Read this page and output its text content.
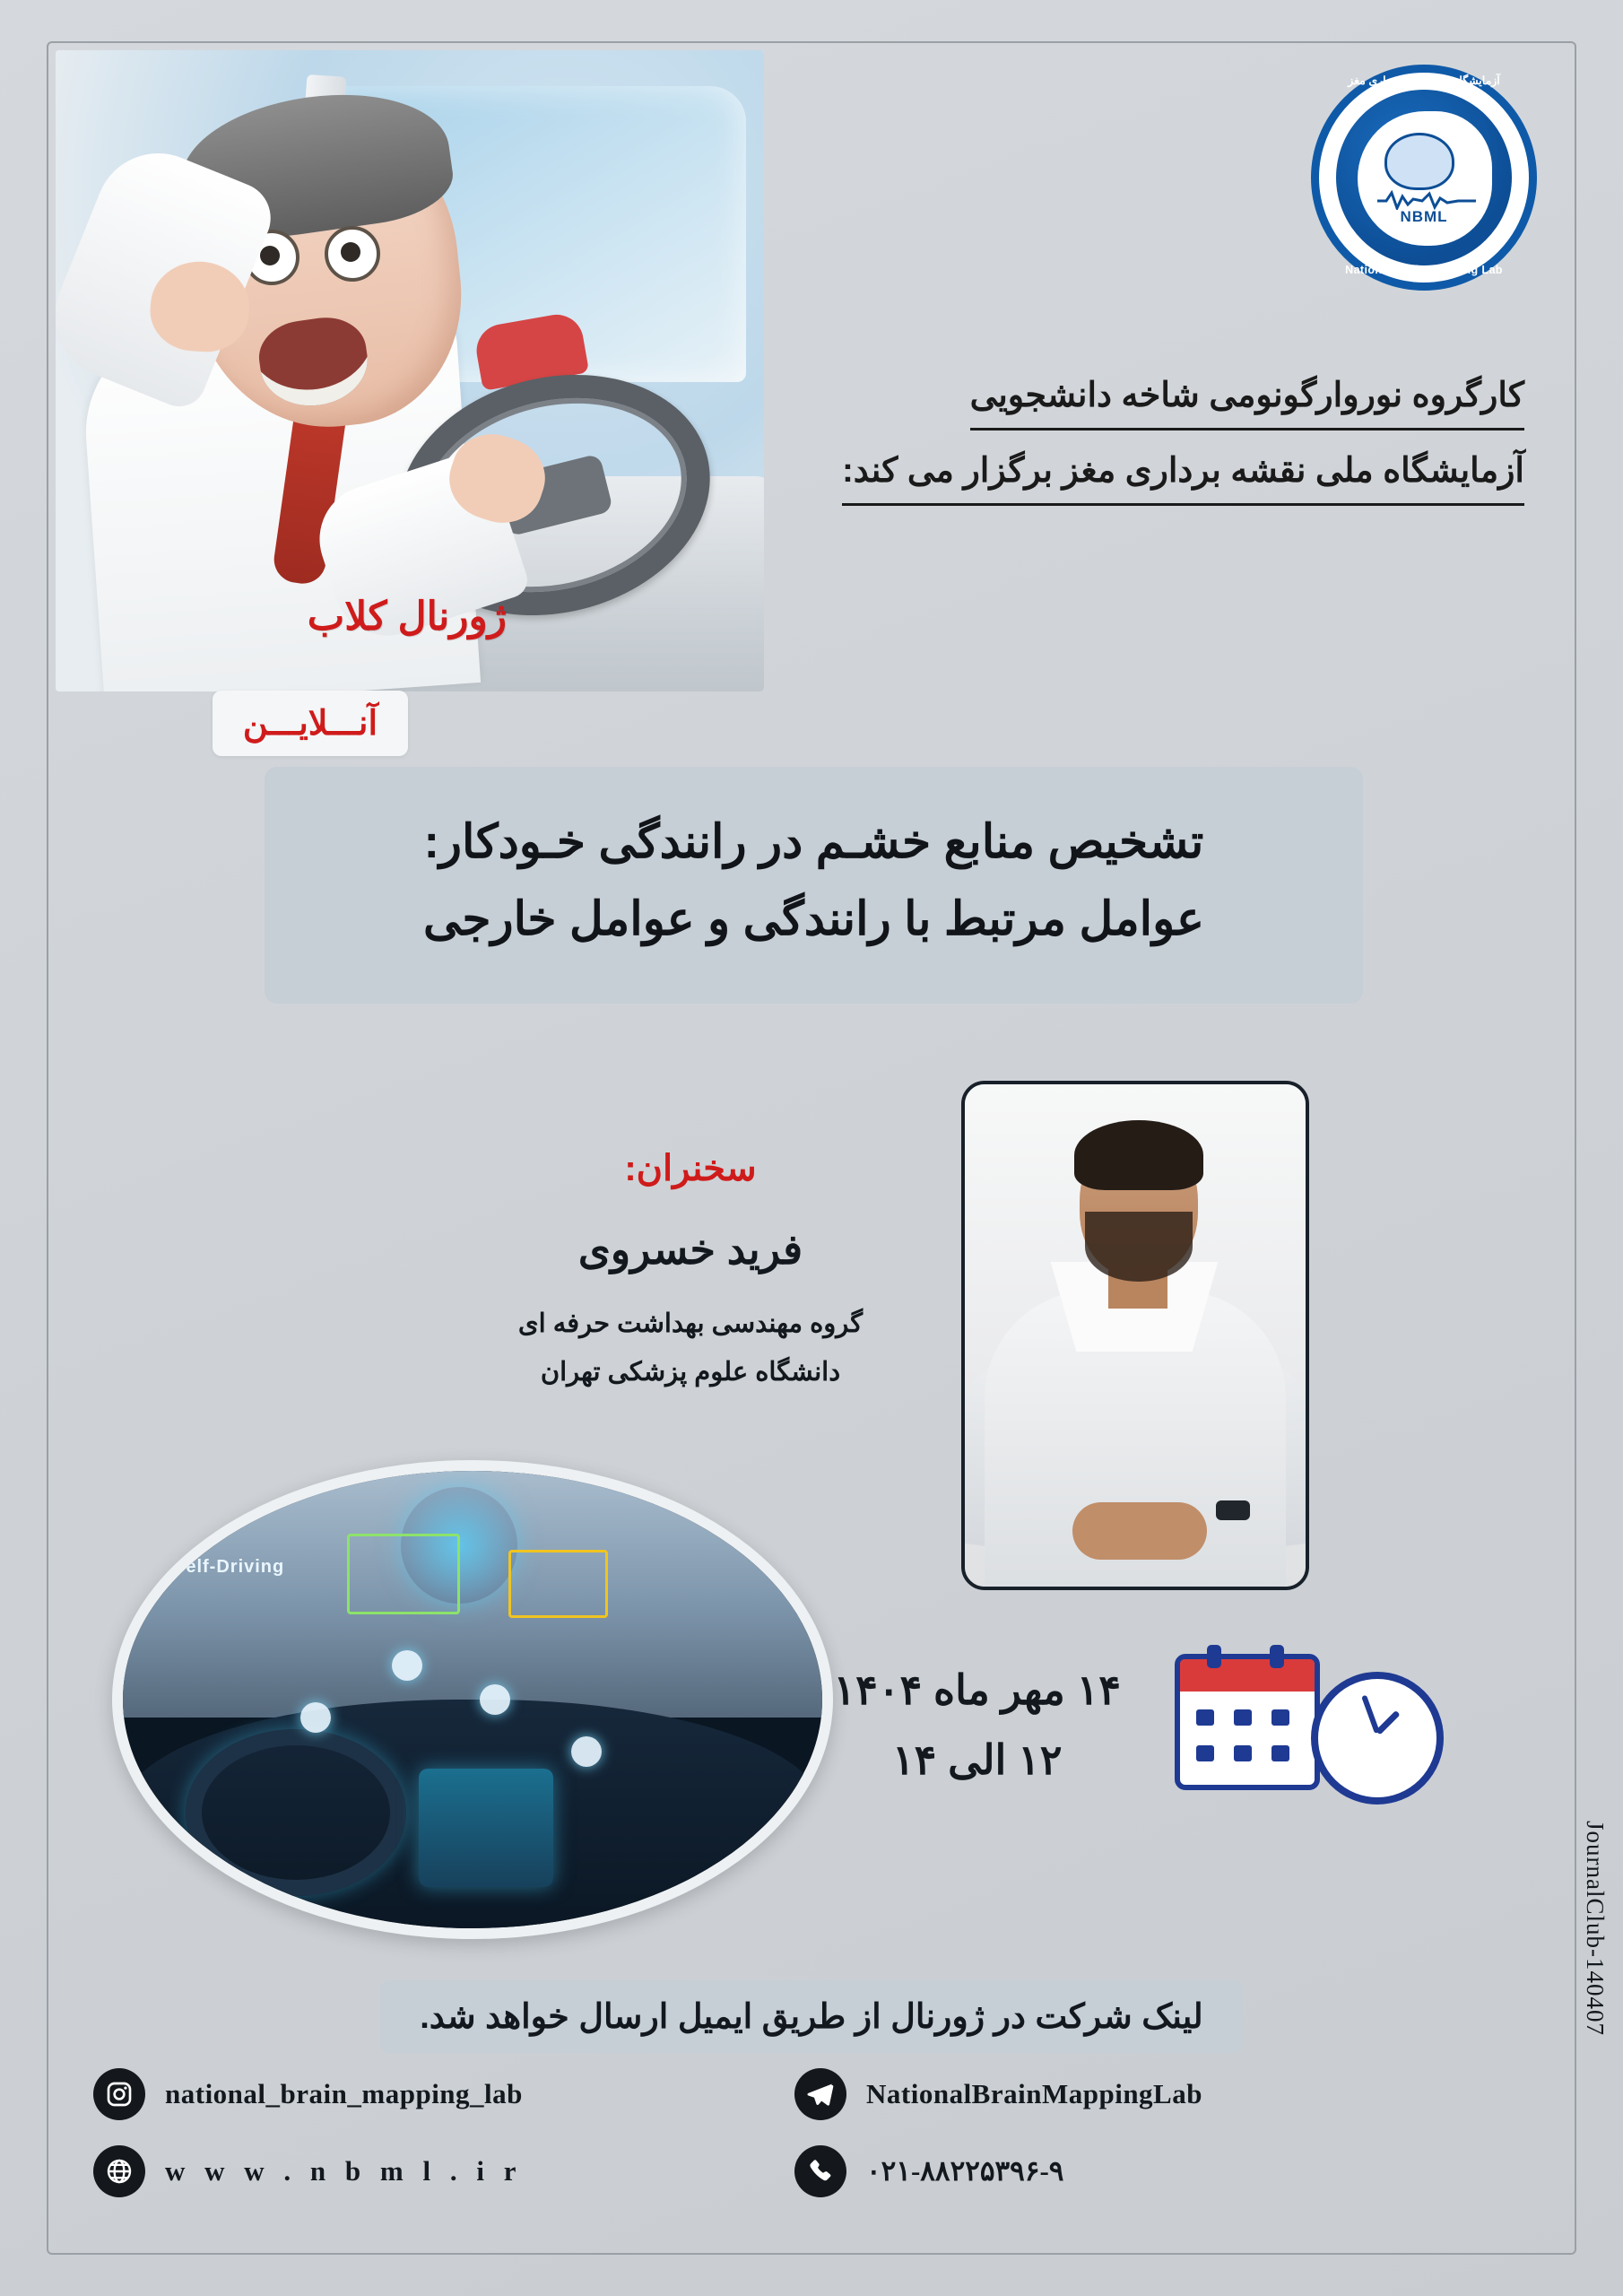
آزمایشگاه ملی نقشه برداری مغز
NBML
National Brain Mapping Lab
کارگروه نوروارگونومی شاخه دانشجویی
آزمایشگاه ملی نقشه برداری مغز برگزار می کند:
ژورنال کلاب
آنـــلایـــن
تشخیص منابع خشـم در رانندگی خـودکار:
عوامل مرتبط با رانندگی و عوامل خارجی
سخنران:
فرید خسروی
گروه مهندسی بهداشت حرفه ای
دانشگاه علوم پزشکی تهران
Self-Driving
۱۴ مهر ماه ۱۴۰۴
۱۲ الی ۱۴
JournalClub-140407
لینک شرکت در ژورنال از طریق ایمیل ارسال خواهد شد.
national_brain_mapping_lab	NationalBrainMappingLab
w w w . n b m l . i r	۰۲۱-۸۸۲۲۵۳۹۶-۹
